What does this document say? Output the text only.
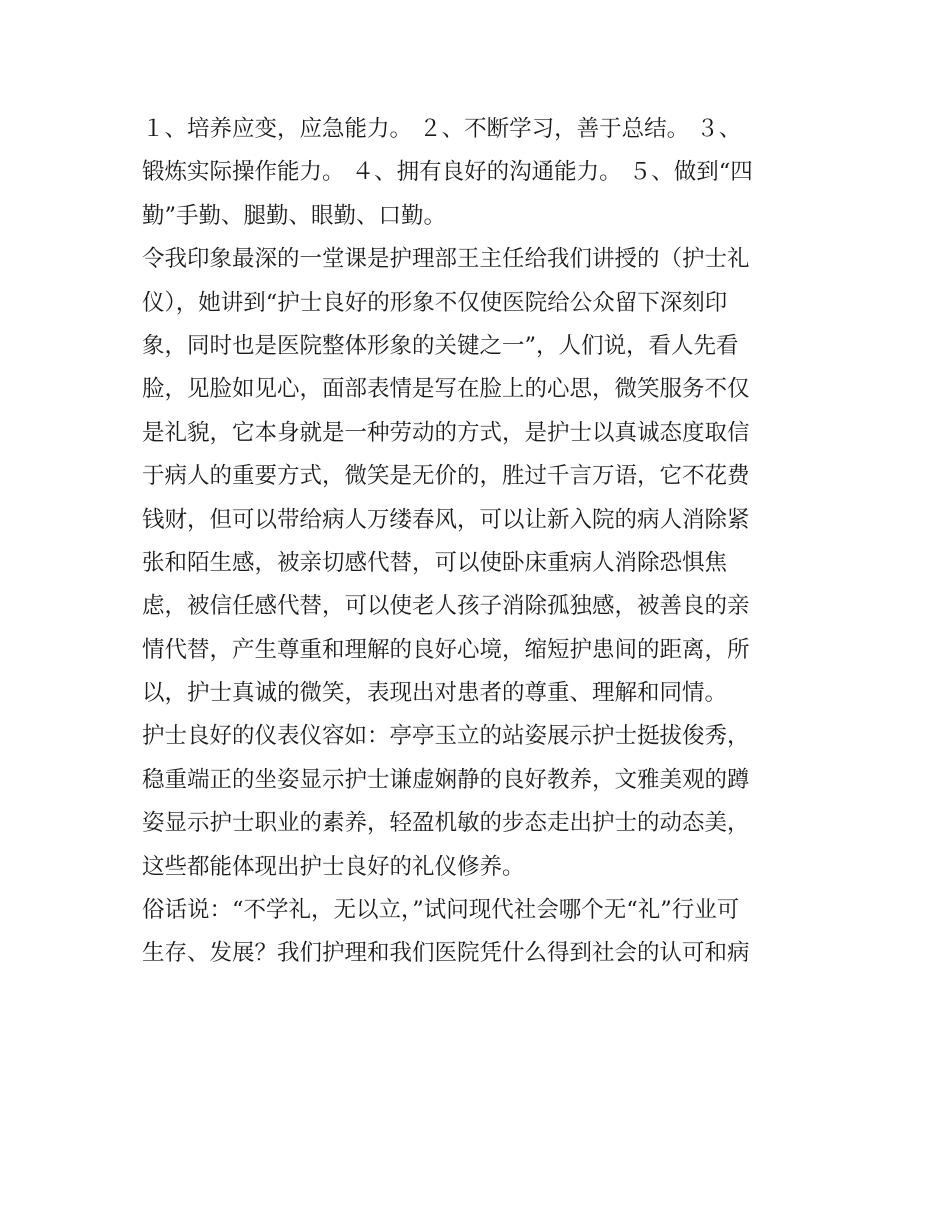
１、培养应变，应急能力。 ２、不断学习，善于总结。 ３、
锻炼实际操作能力。 ４、拥有良好的沟通能力。 ５、做到“四
勤”手勤、腿勤、眼勤、口勤。
令我印象最深的一堂课是护理部王主任给我们讲授的（护士礼
仪），她讲到“护士良好的形象不仅使医院给公众留下深刻印
象，同时也是医院整体形象的关键之一”，人们说，看人先看
脸，见脸如见心，面部表情是写在脸上的心思，微笑服务不仅
是礼貌，它本身就是一种劳动的方式，是护士以真诚态度取信
于病人的重要方式，微笑是无价的，胜过千言万语，它不花费
钱财，但可以带给病人万缕春风，可以让新入院的病人消除紧
张和陌生感，被亲切感代替，可以使卧床重病人消除恐惧焦
虑，被信任感代替，可以使老人孩子消除孤独感，被善良的亲
情代替，产生尊重和理解的良好心境，缩短护患间的距离，所
以，护士真诚的微笑，表现出对患者的尊重、理解和同情。
护士良好的仪表仪容如：亭亭玉立的站姿展示护士挺拔俊秀，
稳重端正的坐姿显示护士谦虚娴静的良好教养，文雅美观的蹲
姿显示护士职业的素养，轻盈机敏的步态走出护士的动态美，
这些都能体现出护士良好的礼仪修养。
俗话说：“不学礼，无以立，”试问现代社会哪个无“礼”行业可
生存、发展？我们护理和我们医院凭什么得到社会的认可和病
